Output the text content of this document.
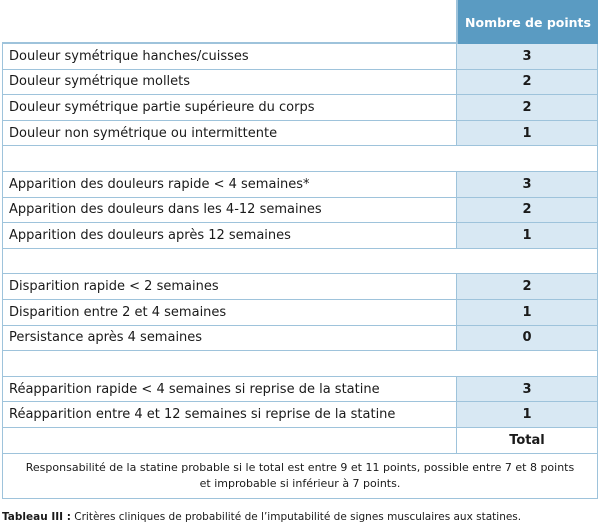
Nombre de points
Douleur symétrique hanches/cuisses	3
Douleur symétrique mollets	2
Douleur symétrique partie supérieure du corps	2
Douleur non symétrique ou intermittente	1
Apparition des douleurs rapide < 4 semaines*	3
Apparition des douleurs dans les 4-12 semaines	2
Apparition des douleurs après 12 semaines	1
Disparition rapide < 2 semaines	2
Disparition entre 2 et 4 semaines	1
Persistance après 4 semaines	0
Réapparition rapide < 4 semaines si reprise de la statine	3
Réapparition entre 4 et 12 semaines si reprise de la statine	1
Total
Responsabilité de la statine probable si le total est entre 9 et 11 points, possible entre 7 et 8 points
et improbable si inférieur à 7 points.
Tableau III : Critères cliniques de probabilité de l’imputabilité de signes musculaires aux statines.
